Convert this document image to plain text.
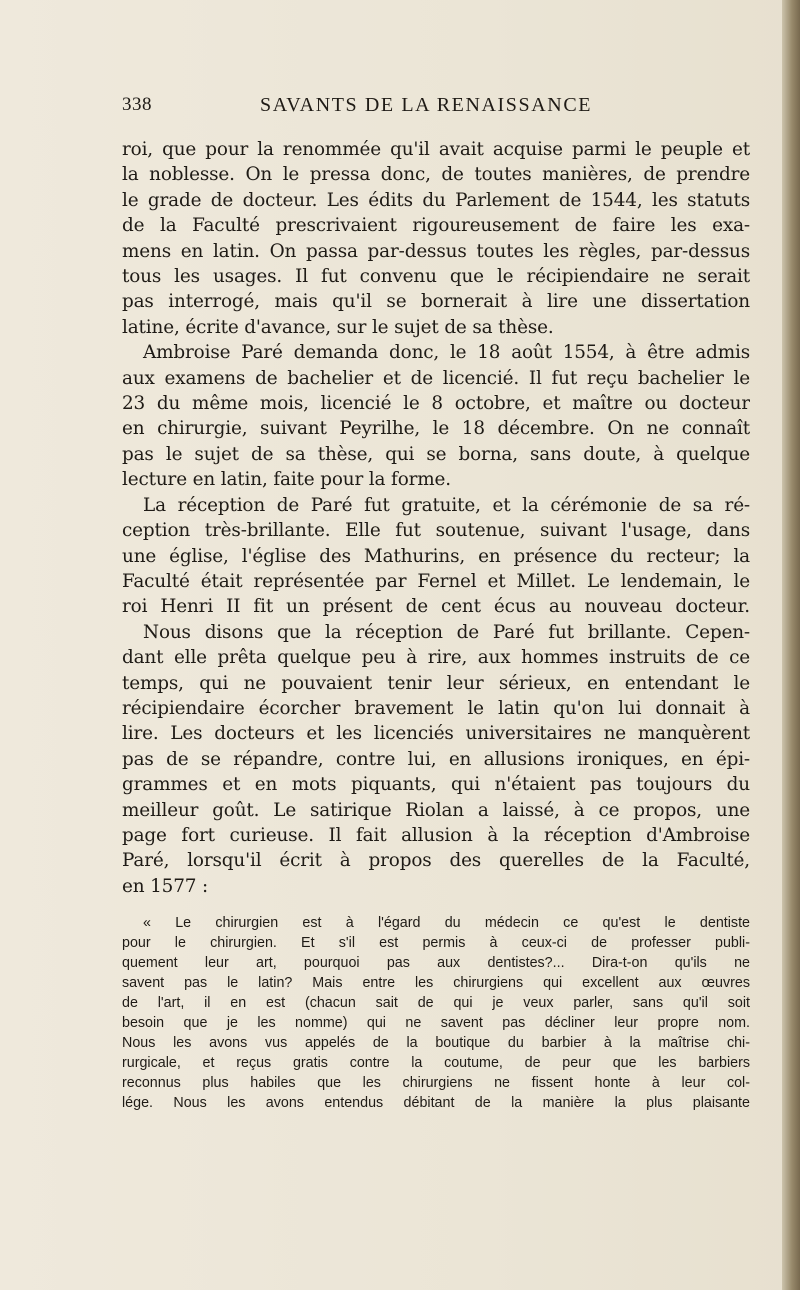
338	SAVANTS DE LA RENAISSANCE
roi, que pour la renommée qu'il avait acquise parmi le peuple et
la noblesse. On le pressa donc, de toutes manières, de prendre
le grade de docteur. Les édits du Parlement de 1544, les statuts
de la Faculté prescrivaient rigoureusement de faire les exa-
mens en latin. On passa par-dessus toutes les règles, par-dessus
tous les usages. Il fut convenu que le récipiendaire ne serait
pas interrogé, mais qu'il se bornerait à lire une dissertation
latine, écrite d'avance, sur le sujet de sa thèse.
Ambroise Paré demanda donc, le 18 août 1554, à être admis
aux examens de bachelier et de licencié. Il fut reçu bachelier le
23 du même mois, licencié le 8 octobre, et maître ou docteur
en chirurgie, suivant Peyrilhe, le 18 décembre. On ne connaît
pas le sujet de sa thèse, qui se borna, sans doute, à quelque
lecture en latin, faite pour la forme.
La réception de Paré fut gratuite, et la cérémonie de sa ré-
ception très-brillante. Elle fut soutenue, suivant l'usage, dans
une église, l'église des Mathurins, en présence du recteur; la
Faculté était représentée par Fernel et Millet. Le lendemain, le
roi Henri II fit un présent de cent écus au nouveau docteur.
Nous disons que la réception de Paré fut brillante. Cepen-
dant elle prêta quelque peu à rire, aux hommes instruits de ce
temps, qui ne pouvaient tenir leur sérieux, en entendant le
récipiendaire écorcher bravement le latin qu'on lui donnait à
lire. Les docteurs et les licenciés universitaires ne manquèrent
pas de se répandre, contre lui, en allusions ironiques, en épi-
grammes et en mots piquants, qui n'étaient pas toujours du
meilleur goût. Le satirique Riolan a laissé, à ce propos, une
page fort curieuse. Il fait allusion à la réception d'Ambroise
Paré, lorsqu'il écrit à propos des querelles de la Faculté,
en 1577 :
« Le chirurgien est à l'égard du médecin ce qu'est le dentiste
pour le chirurgien. Et s'il est permis à ceux-ci de professer publi-
quement leur art, pourquoi pas aux dentistes?... Dira-t-on qu'ils ne
savent pas le latin? Mais entre les chirurgiens qui excellent aux œuvres
de l'art, il en est (chacun sait de qui je veux parler, sans qu'il soit
besoin que je les nomme) qui ne savent pas décliner leur propre nom.
Nous les avons vus appelés de la boutique du barbier à la maîtrise chi-
rurgicale, et reçus gratis contre la coutume, de peur que les barbiers
reconnus plus habiles que les chirurgiens ne fissent honte à leur col-
lége. Nous les avons entendus débitant de la manière la plus plaisante
